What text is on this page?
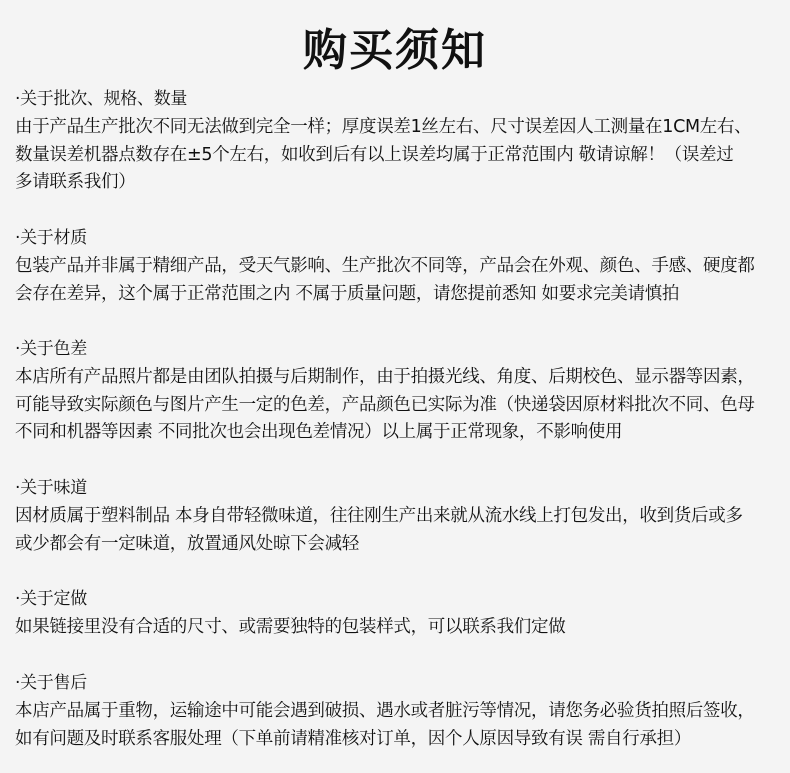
购买须知
·关于批次、规格、数量
由于产品生产批次不同无法做到完全一样；厚度误差1丝左右、尺寸误差因人工测量在1CM左右、
数量误差机器点数存在±5个左右，如收到后有以上误差均属于正常范围内 敬请谅解！（误差过
多请联系我们）
·关于材质
包装产品并非属于精细产品，受天气影响、生产批次不同等，产品会在外观、颜色、手感、硬度都
会存在差异，这个属于正常范围之内 不属于质量问题，请您提前悉知 如要求完美请慎拍
·关于色差
本店所有产品照片都是由团队拍摄与后期制作，由于拍摄光线、角度、后期校色、显示器等因素，
可能导致实际颜色与图片产生一定的色差，产品颜色已实际为准（快递袋因原材料批次不同、色母
不同和机器等因素 不同批次也会出现色差情况）以上属于正常现象，不影响使用
·关于味道
因材质属于塑料制品 本身自带轻微味道，往往刚生产出来就从流水线上打包发出，收到货后或多
或少都会有一定味道，放置通风处晾下会减轻
·关于定做
如果链接里没有合适的尺寸、或需要独特的包装样式，可以联系我们定做
·关于售后
本店产品属于重物，运输途中可能会遇到破损、遇水或者脏污等情况，请您务必验货拍照后签收，
如有问题及时联系客服处理（下单前请精准核对订单，因个人原因导致有误 需自行承担）
